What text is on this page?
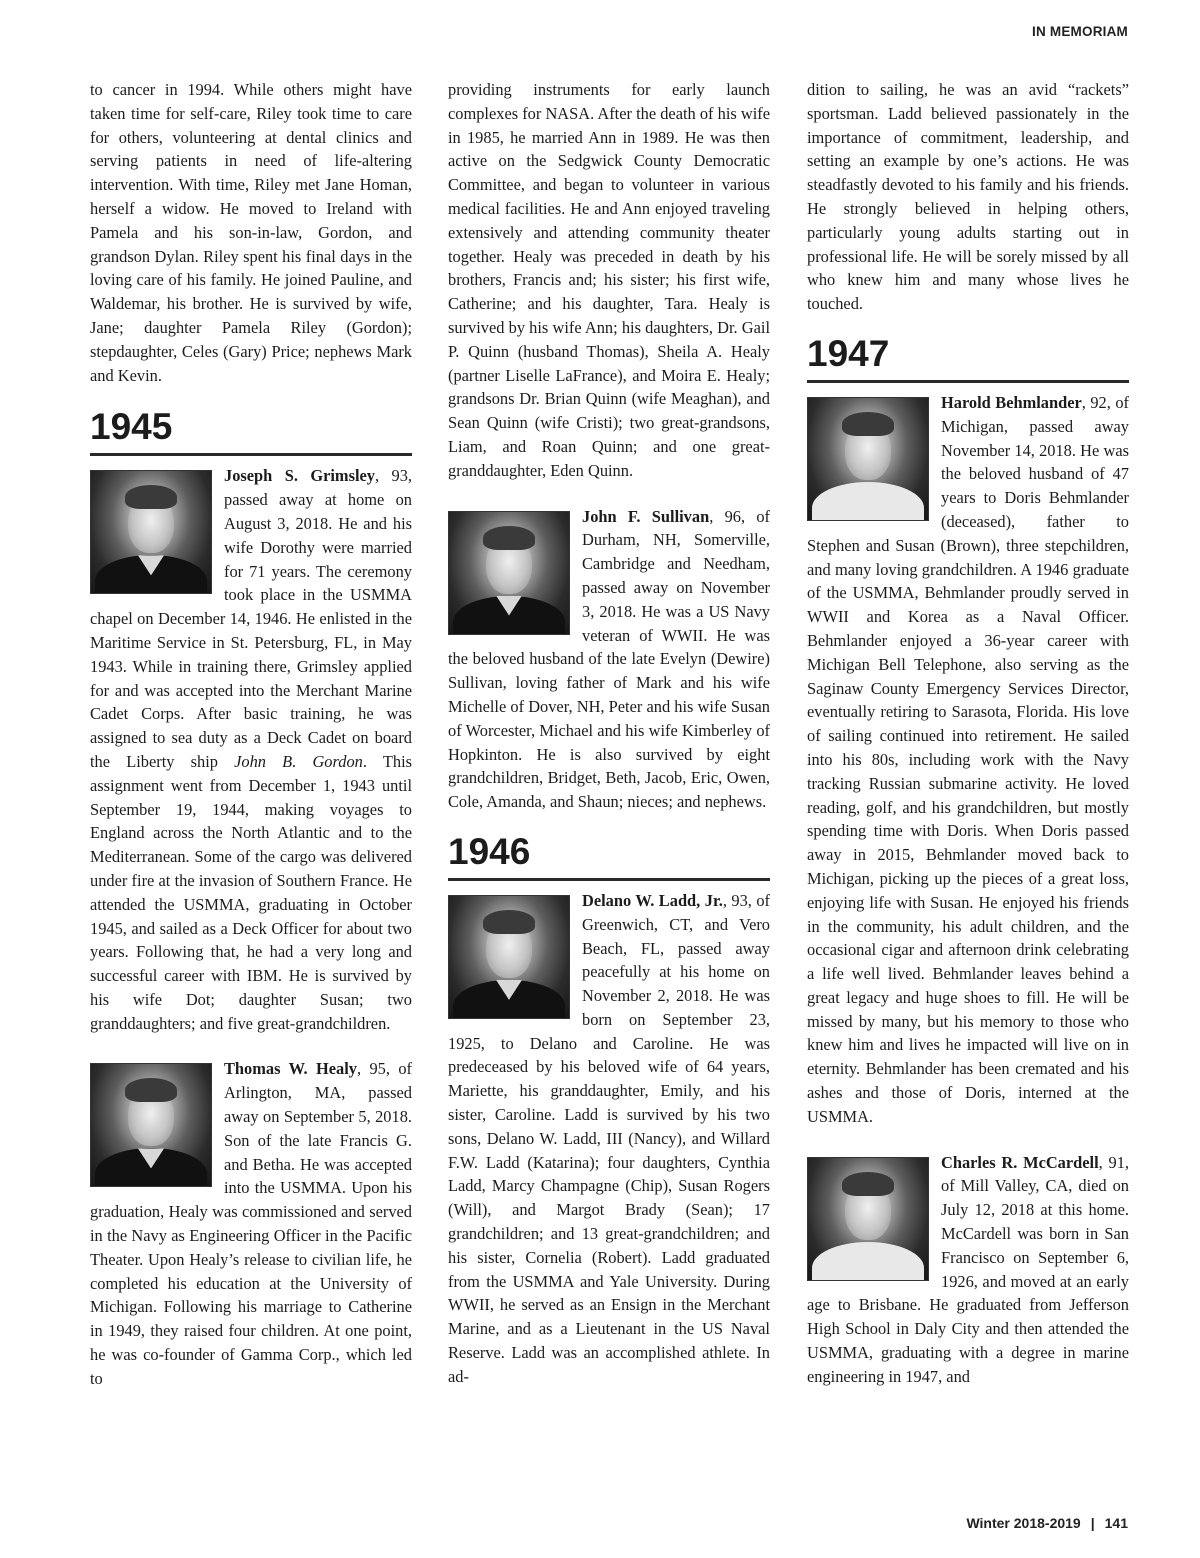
IN MEMORIAM

to cancer in 1994. While others might have taken time for self-care, Riley took time to care for others, volunteering at dental clinics and serving patients in need of life-altering intervention. With time, Riley met Jane Homan, herself a widow. He moved to Ireland with Pamela and his son-in-law, Gordon, and grandson Dylan. Riley spent his final days in the loving care of his family. He joined Pauline, and Waldemar, his brother. He is survived by wife, Jane; daughter Pamela Riley (Gordon); stepdaughter, Celes (Gary) Price; nephews Mark and Kevin.

1945

Joseph S. Grimsley, 93, passed away at home on August 3, 2018. He and his wife Dorothy were married for 71 years. The ceremony took place in the USMMA chapel on December 14, 1946. He enlisted in the Maritime Service in St. Petersburg, FL, in May 1943. While in training there, Grimsley applied for and was accepted into the Merchant Marine Cadet Corps. After basic training, he was assigned to sea duty as a Deck Cadet on board the Liberty ship John B. Gordon. This assignment went from December 1, 1943 until September 19, 1944, making voyages to England across the North Atlantic and to the Mediterranean. Some of the cargo was delivered under fire at the invasion of Southern France. He attended the USMMA, graduating in October 1945, and sailed as a Deck Officer for about two years. Following that, he had a very long and successful career with IBM. He is survived by his wife Dot; daughter Susan; two granddaughters; and five great-grandchildren.

Thomas W. Healy, 95, of Arlington, MA, passed away on September 5, 2018. Son of the late Francis G. and Betha. He was accepted into the USMMA. Upon his graduation, Healy was commissioned and served in the Navy as Engineering Officer in the Pacific Theater. Upon Healy’s release to civilian life, he completed his education at the University of Michigan. Following his marriage to Catherine in 1949, they raised four children. At one point, he was co-founder of Gamma Corp., which led to

providing instruments for early launch complexes for NASA. After the death of his wife in 1985, he married Ann in 1989. He was then active on the Sedgwick County Democratic Committee, and began to volunteer in various medical facilities. He and Ann enjoyed traveling extensively and attending community theater together. Healy was preceded in death by his brothers, Francis and; his sister; his first wife, Catherine; and his daughter, Tara. Healy is survived by his wife Ann; his daughters, Dr. Gail P. Quinn (husband Thomas), Sheila A. Healy (partner Liselle LaFrance), and Moira E. Healy; grandsons Dr. Brian Quinn (wife Meaghan), and Sean Quinn (wife Cristi); two great-grandsons, Liam, and Roan Quinn; and one great-granddaughter, Eden Quinn.

John F. Sullivan, 96, of Durham, NH, Somerville, Cambridge and Needham, passed away on November 3, 2018. He was a US Navy veteran of WWII. He was the beloved husband of the late Evelyn (Dewire) Sullivan, loving father of Mark and his wife Michelle of Dover, NH, Peter and his wife Susan of Worcester, Michael and his wife Kimberley of Hopkinton. He is also survived by eight grandchildren, Bridget, Beth, Jacob, Eric, Owen, Cole, Amanda, and Shaun; nieces; and nephews.

1946

Delano W. Ladd, Jr., 93, of Greenwich, CT, and Vero Beach, FL, passed away peacefully at his home on November 2, 2018. He was born on September 23, 1925, to Delano and Caroline. He was predeceased by his beloved wife of 64 years, Mariette, his granddaughter, Emily, and his sister, Caroline. Ladd is survived by his two sons, Delano W. Ladd, III (Nancy), and Willard F.W. Ladd (Katarina); four daughters, Cynthia Ladd, Marcy Champagne (Chip), Susan Rogers (Will), and Margot Brady (Sean); 17 grandchildren; and 13 great-grandchildren; and his sister, Cornelia (Robert). Ladd graduated from the USMMA and Yale University. During WWII, he served as an Ensign in the Merchant Marine, and as a Lieutenant in the US Naval Reserve. Ladd was an accomplished athlete. In ad-

dition to sailing, he was an avid “rackets” sportsman. Ladd believed passionately in the importance of commitment, leadership, and setting an example by one’s actions. He was steadfastly devoted to his family and his friends. He strongly believed in helping others, particularly young adults starting out in professional life. He will be sorely missed by all who knew him and many whose lives he touched.

1947

Harold Behmlander, 92, of Michigan, passed away November 14, 2018. He was the beloved husband of 47 years to Doris Behmlander (deceased), father to Stephen and Susan (Brown), three stepchildren, and many loving grandchildren. A 1946 graduate of the USMMA, Behmlander proudly served in WWII and Korea as a Naval Officer. Behmlander enjoyed a 36-year career with Michigan Bell Telephone, also serving as the Saginaw County Emergency Services Director, eventually retiring to Sarasota, Florida. His love of sailing continued into retirement. He sailed into his 80s, including work with the Navy tracking Russian submarine activity. He loved reading, golf, and his grandchildren, but mostly spending time with Doris. When Doris passed away in 2015, Behmlander moved back to Michigan, picking up the pieces of a great loss, enjoying life with Susan. He enjoyed his friends in the community, his adult children, and the occasional cigar and afternoon drink celebrating a life well lived. Behmlander leaves behind a great legacy and huge shoes to fill. He will be missed by many, but his memory to those who knew him and lives he impacted will live on in eternity. Behmlander has been cremated and his ashes and those of Doris, interned at the USMMA.

Charles R. McCardell, 91, of Mill Valley, CA, died on July 12, 2018 at this home. McCardell was born in San Francisco on September 6, 1926, and moved at an early age to Brisbane. He graduated from Jefferson High School in Daly City and then attended the USMMA, graduating with a degree in marine engineering in 1947, and

Winter 2018-2019 | 141
